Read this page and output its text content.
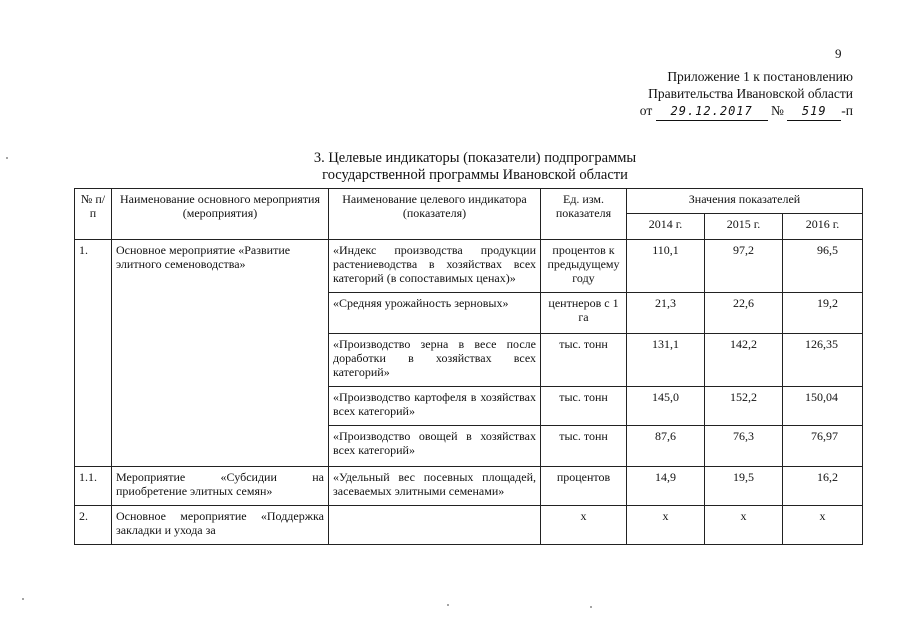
9
Приложение 1 к постановлению
Правительства Ивановской области
от 29.12.2017 № 519 -п
3. Целевые индикаторы (показатели) подпрограммы
государственной программы Ивановской области
№ п/п	Наименование основного мероприятия (мероприятия)	Наименование целевого индикатора (показателя)	Ед. изм. показателя	Значения показателей		
				2014 г.	2015 г.	2016 г.
1.	Основное мероприятие «Развитие элитного семеноводства»	«Индекс производства продукции растениеводства в хозяйствах всех категорий (в сопоставимых ценах)»	процентов к предыдущему году	110,1	97,2	96,5
		«Средняя урожайность зерновых»	центнеров с 1 га	21,3	22,6	19,2
		«Производство зерна в весе после доработки в хозяйствах всех категорий»	тыс. тонн	131,1	142,2	126,35
		«Производство картофеля в хозяйствах всех категорий»	тыс. тонн	145,0	152,2	150,04
		«Производство овощей в хозяйствах всех категорий»	тыс. тонн	87,6	76,3	76,97
1.1.	Мероприятие «Субсидии на приобретение элитных семян»	«Удельный вес посевных площадей, засеваемых элитными семенами»	процентов	14,9	19,5	16,2
2.	Основное мероприятие «Поддержка закладки и ухода за		х	х	х	х
